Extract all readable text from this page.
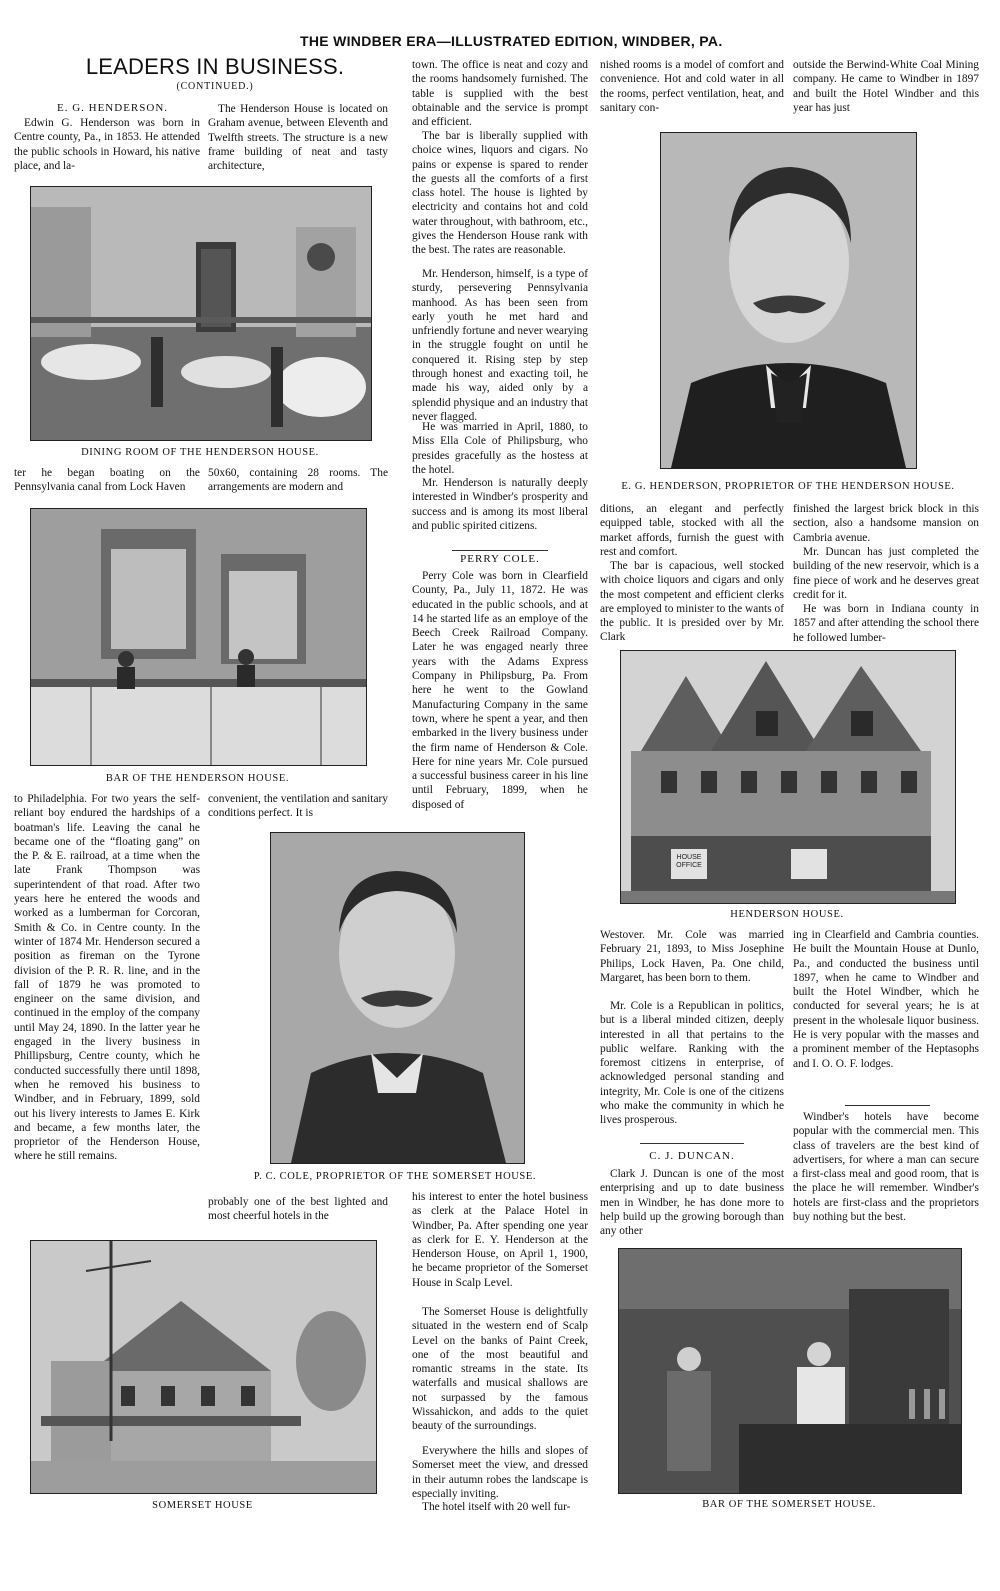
THE WINDBER ERA—ILLUSTRATED EDITION, WINDBER, PA.
LEADERS IN BUSINESS.
(CONTINUED.)
E. G. HENDERSON.

Edwin G. Henderson was born in Centre county, Pa., in 1853. He attended the public schools in Howard, his native place, and la-

The Henderson House is located on Graham avenue, between Eleventh and Twelfth streets. The structure is a new frame building of neat and tasty architecture,

DINING ROOM OF THE HENDERSON HOUSE.

ter he began boating on the Pennsylvania canal from Lock Haven

50x60, containing 28 rooms. The arrangements are modern and

BAR OF THE HENDERSON HOUSE.

to Philadelphia. For two years the self-reliant boy endured the hardships of a boatman's life. Leaving the canal he became one of the “floating gang” on the P. & E. railroad, at a time when the late Frank Thompson was superintendent of that road. After two years here he entered the woods and worked as a lumberman for Corcoran, Smith & Co. in Centre county. In the winter of 1874 Mr. Henderson secured a position as fireman on the Tyrone division of the P. R. R. line, and in the fall of 1879 he was promoted to engineer on the same division, and continued in the employ of the company until May 24, 1890. In the latter year he engaged in the livery business in Phillipsburg, Centre county, which he conducted successfully there until 1898, when he removed his business to Windber, and in February, 1899, sold out his livery interests to James E. Kirk and became, a few months later, the proprietor of the Henderson House, where he still remains.

convenient, the ventilation and sanitary conditions perfect. It is

P. C. COLE, PROPRIETOR OF THE SOMERSET HOUSE.

probably one of the best lighted and most cheerful hotels in the

SOMERSET HOUSE

town. The office is neat and cozy and the rooms handsomely furnished. The table is supplied with the best obtainable and the service is prompt and efficient.

The bar is liberally supplied with choice wines, liquors and cigars. No pains or expense is spared to render the guests all the comforts of a first class hotel. The house is lighted by electricity and contains hot and cold water throughout, with bathroom, etc., gives the Henderson House rank with the best. The rates are reasonable.

Mr. Henderson, himself, is a type of sturdy, persevering Pennsylvania manhood. As has been seen from early youth he met hard and unfriendly fortune and never wearying in the struggle fought on until he conquered it. Rising step by step through honest and exacting toil, he made his way, aided only by a splendid physique and an industry that never flagged.

He was married in April, 1880, to Miss Ella Cole of Philipsburg, who presides gracefully as the hostess at the hotel.

Mr. Henderson is naturally deeply interested in Windber's prosperity and success and is among its most liberal and public spirited citizens.

PERRY COLE.

Perry Cole was born in Clearfield County, Pa., July 11, 1872. He was educated in the public schools, and at 14 he started life as an employe of the Beech Creek Railroad Company. Later he was engaged nearly three years with the Adams Express Company in Philipsburg, Pa. From here he went to the Gowland Manufacturing Company in the same town, where he spent a year, and then embarked in the livery business under the firm name of Henderson & Cole. Here for nine years Mr. Cole pursued a successful business career in his line until February, 1899, when he disposed of

his interest to enter the hotel business as clerk at the Palace Hotel in Windber, Pa. After spending one year as clerk for E. Y. Henderson at the Henderson House, on April 1, 1900, he became proprietor of the Somerset House in Scalp Level.

The Somerset House is delightfully situated in the western end of Scalp Level on the banks of Paint Creek, one of the most beautiful and romantic streams in the state. Its waterfalls and musical shallows are not surpassed by the famous Wissahickon, and adds to the quiet beauty of the surroundings.

Everywhere the hills and slopes of Somerset meet the view, and dressed in their autumn robes the landscape is especially inviting.

The hotel itself with 20 well fur-

nished rooms is a model of comfort and convenience. Hot and cold water in all the rooms, perfect ventilation, heat, and sanitary con-

outside the Berwind-White Coal Mining company. He came to Windber in 1897 and built the Hotel Windber and this year has just

E. G. HENDERSON, PROPRIETOR OF THE HENDERSON HOUSE.

ditions, an elegant and perfectly equipped table, stocked with all the market affords, furnish the guest with rest and comfort.

The bar is capacious, well stocked with choice liquors and cigars and only the most competent and efficient clerks are employed to minister to the wants of the public. It is presided over by Mr. Clark

finished the largest brick block in this section, also a handsome mansion on Cambria avenue.

Mr. Duncan has just completed the building of the new reservoir, which is a fine piece of work and he deserves great credit for it.

He was born in Indiana county in 1857 and after attending the school there he followed lumber-

HOUSE OFFICE
HENDERSON HOUSE.

Westover. Mr. Cole was married February 21, 1893, to Miss Josephine Philips, Lock Haven, Pa. One child, Margaret, has been born to them.

Mr. Cole is a Republican in politics, but is a liberal minded citizen, deeply interested in all that pertains to the public welfare. Ranking with the foremost citizens in enterprise, of acknowledged personal standing and integrity, Mr. Cole is one of the citizens who make the community in which he lives prosperous.

C. J. DUNCAN.

Clark J. Duncan is one of the most enterprising and up to date business men in Windber, he has done more to help build up the growing borough than any other

ing in Clearfield and Cambria counties. He built the Mountain House at Dunlo, Pa., and conducted the business until 1897, when he came to Windber and built the Hotel Windber, which he conducted for several years; he is at present in the wholesale liquor business. He is very popular with the masses and a prominent member of the Heptasophs and I. O. O. F. lodges.

Windber's hotels have become popular with the commercial men. This class of travelers are the best kind of advertisers, for where a man can secure a first-class meal and good room, that is the place he will remember. Windber's hotels are first-class and the proprietors buy nothing but the best.

BAR OF THE SOMERSET HOUSE.
